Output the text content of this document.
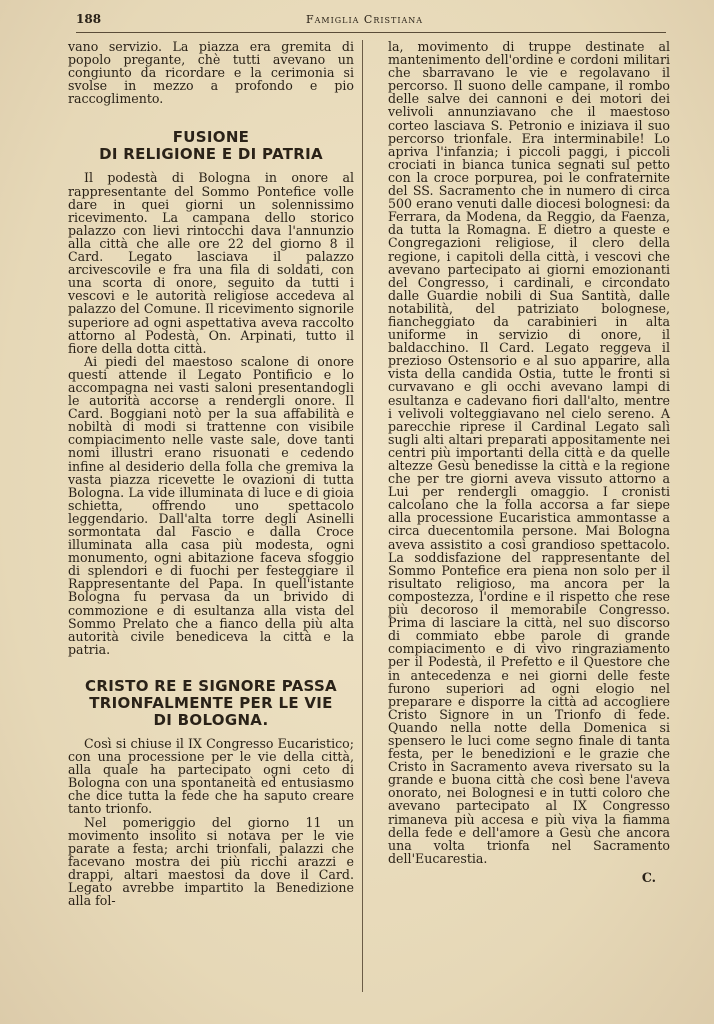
188	Famiglia Cristiana

vano servizio. La piazza era gremita di popolo pregante, chè tutti avevano un congiunto da ricordare e la cerimonia si svolse in mezzo a profondo e pio raccoglimento.

FUSIONE
DI RELIGIONE E DI PATRIA

Il podestà di Bologna in onore al rappresentante del Sommo Pontefice volle dare in quei giorni un solennissimo ricevimento. La campana dello storico palazzo con lievi rintocchi dava l'annunzio alla città che alle ore 22 del giorno 8 il Card. Legato lasciava il palazzo arcivescovile e fra una fila di soldati, con una scorta di onore, seguito da tutti i vescovi e le autorità religiose accedeva al palazzo del Comune. Il ricevimento signorile superiore ad ogni aspettativa aveva raccolto attorno al Podestà, On. Arpinati, tutto il fiore della dotta città.

Ai piedi del maestoso scalone di onore questi attende il Legato Pontificio e lo accompagna nei vasti saloni presentandogli le autorità accorse a rendergli onore. Il Card. Boggiani notò per la sua affabilità e nobiltà di modi si trattenne con visibile compiacimento nelle vaste sale, dove tanti nomi illustri erano risuonati e cedendo infine al desiderio della folla che gremiva la vasta piazza ricevette le ovazioni di tutta Bologna. La vide illuminata di luce e di gioia schietta, offrendo uno spettacolo leggendario. Dall'alta torre degli Asinelli sormontata dal Fascio e dalla Croce illuminata alla casa più modesta, ogni monumento, ogni abitazione faceva sfoggio di splendori e di fuochi per festeggiare il Rappresentante del Papa. In quell'istante Bologna fu pervasa da un brivido di commozione e di esultanza alla vista del Sommo Prelato che a fianco della più alta autorità civile benediceva la città e la patria.

CRISTO RE E SIGNORE PASSA
TRIONFALMENTE PER LE VIE
DI BOLOGNA.

Così si chiuse il IX Congresso Eucaristico; con una processione per le vie della città, alla quale ha partecipato ogni ceto di Bologna con una spontaneità ed entusiasmo che dice tutta la fede che ha saputo creare tanto trionfo.

Nel pomeriggio del giorno 11 un movimento insolito si notava per le vie parate a festa; archi trionfali, palazzi che facevano mostra dei più ricchi arazzi e drappi, altari maestosi da dove il Card. Legato avrebbe impartito la Benedizione alla fol-

la, movimento di truppe destinate al mantenimento dell'ordine e cordoni militari che sbarravano le vie e regolavano il percorso. Il suono delle campane, il rombo delle salve dei cannoni e dei motori dei velivoli annunziavano che il maestoso corteo lasciava S. Petronio e iniziava il suo percorso trionfale. Era interminabile! Lo apriva l'infanzia; i piccoli paggi, i piccoli crociati in bianca tunica segnati sul petto con la croce porpurea, poi le confraternite del SS. Sacramento che in numero di circa 500 erano venuti dalle diocesi bolognesi: da Ferrara, da Modena, da Reggio, da Faenza, da tutta la Romagna. E dietro a queste e Congregazioni religiose, il clero della regione, i capitoli della città, i vescovi che avevano partecipato ai giorni emozionanti del Congresso, i cardinali, e circondato dalle Guardie nobili di Sua Santità, dalle notabilità, del patriziato bolognese, fiancheggiato da carabinieri in alta uniforme in servizio di onore, il baldacchino. Il Card. Legato reggeva il prezioso Ostensorio e al suo apparire, alla vista della candida Ostia, tutte le fronti si curvavano e gli occhi avevano lampi di esultanza e cadevano fiori dall'alto, mentre i velivoli volteggiavano nel cielo sereno. A parecchie riprese il Cardinal Legato salì sugli alti altari preparati appositamente nei centri più importanti della città e da quelle altezze Gesù benedisse la città e la regione che per tre giorni aveva vissuto attorno a Lui per rendergli omaggio. I cronisti calcolano che la folla accorsa a far siepe alla processione Eucaristica ammontasse a circa duecentomila persone. Mai Bologna aveva assistito a così grandioso spettacolo. La soddisfazione del rappresentante del Sommo Pontefice era piena non solo per il risultato religioso, ma ancora per la compostezza, l'ordine e il rispetto che rese più decoroso il memorabile Congresso. Prima di lasciare la città, nel suo discorso di commiato ebbe parole di grande compiacimento e di vivo ringraziamento per il Podestà, il Prefetto e il Questore che in antecedenza e nei giorni delle feste furono superiori ad ogni elogio nel preparare e disporre la città ad accogliere Cristo Signore in un Trionfo di fede. Quando nella notte della Domenica si spensero le luci come segno finale di tanta festa, per le benedizioni e le grazie che Cristo in Sacramento aveva riversato su la grande e buona città che così bene l'aveva onorato, nei Bolognesi e in tutti coloro che avevano partecipato al IX Congresso rimaneva più accesa e più viva la fiamma della fede e dell'amore a Gesù che ancora una volta trionfa nel Sacramento dell'Eucarestia.

C.
